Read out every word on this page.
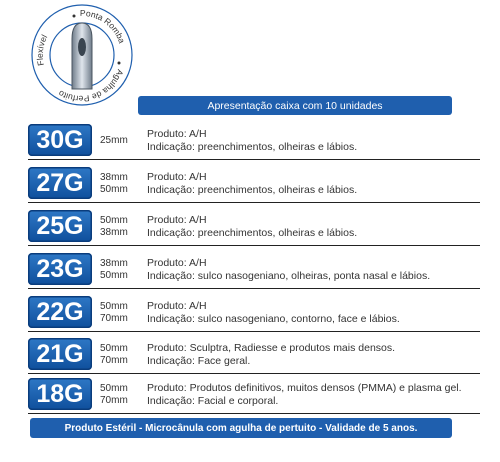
Flexível
Ponta Romba
Agulha de Perfuito
Apresentação caixa com 10 unidades
30G	25mm
Produto: A/H
Indicação: preenchimentos, olheiras e lábios.
27G	38mm
50mm
Produto: A/H
Indicação: preenchimentos, olheiras e lábios.
25G	50mm
38mm
Produto: A/H
Indicação: preenchimentos, olheiras e lábios.
23G	38mm
50mm
Produto: A/H
Indicação: sulco nasogeniano, olheiras, ponta nasal e lábios.
22G	50mm
70mm
Produto: A/H
Indicação: sulco nasogeniano, contorno, face e lábios.
21G	50mm
70mm
Produto: Sculptra, Radiesse e produtos mais densos.
Indicação: Face geral.
18G	50mm
70mm
Produto: Produtos definitivos, muitos densos (PMMA) e plasma gel.
Indicação: Facial e corporal.
Produto Estéril - Microcânula com agulha de pertuito - Validade de 5 anos.
